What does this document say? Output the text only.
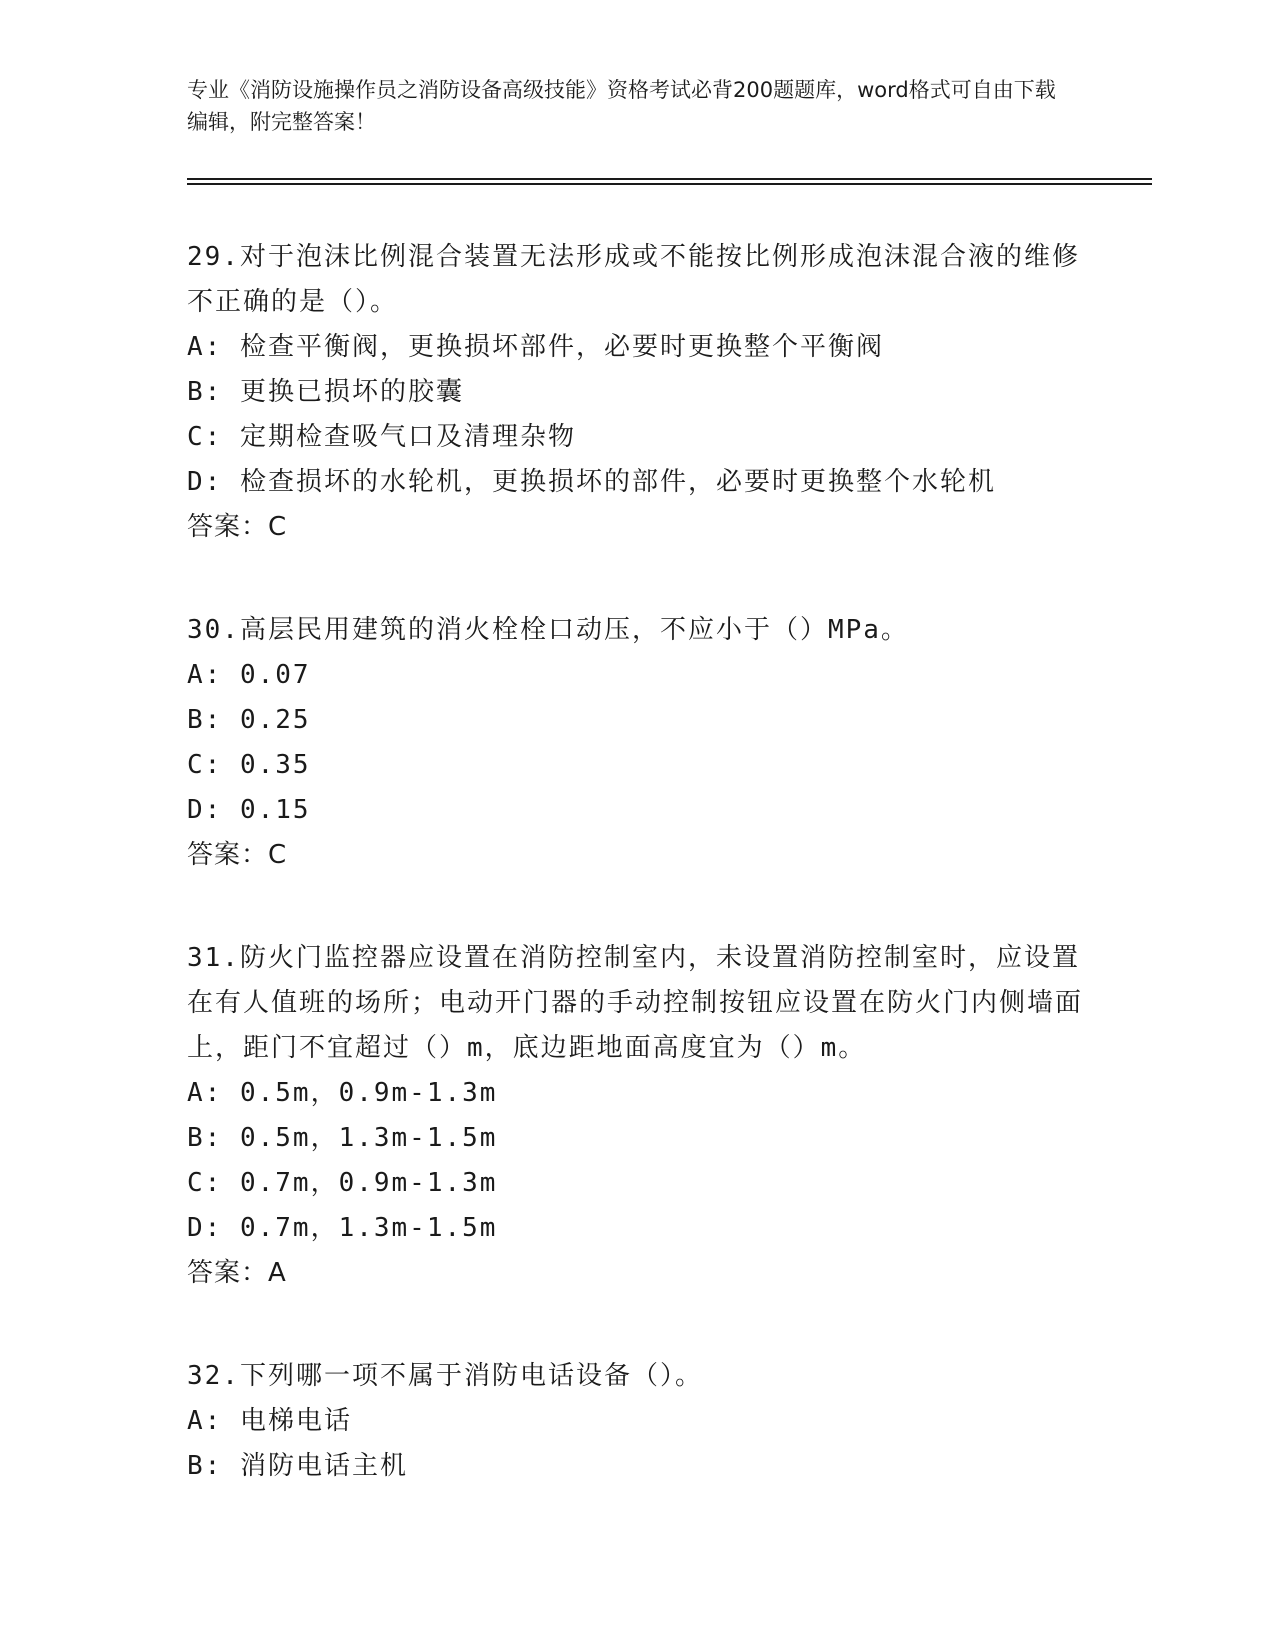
专业《消防设施操作员之消防设备高级技能》资格考试必背200题题库，word格式可自由下载编辑，附完整答案！
29.对于泡沫比例混合装置无法形成或不能按比例形成泡沫混合液的维修不正确的是（）。
A: 检查平衡阀，更换损坏部件，必要时更换整个平衡阀
B: 更换已损坏的胶囊
C: 定期检查吸气口及清理杂物
D: 检查损坏的水轮机，更换损坏的部件，必要时更换整个水轮机
答案：C
30.高层民用建筑的消火栓栓口动压，不应小于（）MPa。
A: 0.07
B: 0.25
C: 0.35
D: 0.15
答案：C
31.防火门监控器应设置在消防控制室内，未设置消防控制室时，应设置在有人值班的场所；电动开门器的手动控制按钮应设置在防火门内侧墙面上，距门不宜超过（）m，底边距地面高度宜为（）m。
A: 0.5m，0.9m-1.3m
B: 0.5m，1.3m-1.5m
C: 0.7m，0.9m-1.3m
D: 0.7m，1.3m-1.5m
答案：A
32.下列哪一项不属于消防电话设备（）。
A: 电梯电话
B: 消防电话主机
